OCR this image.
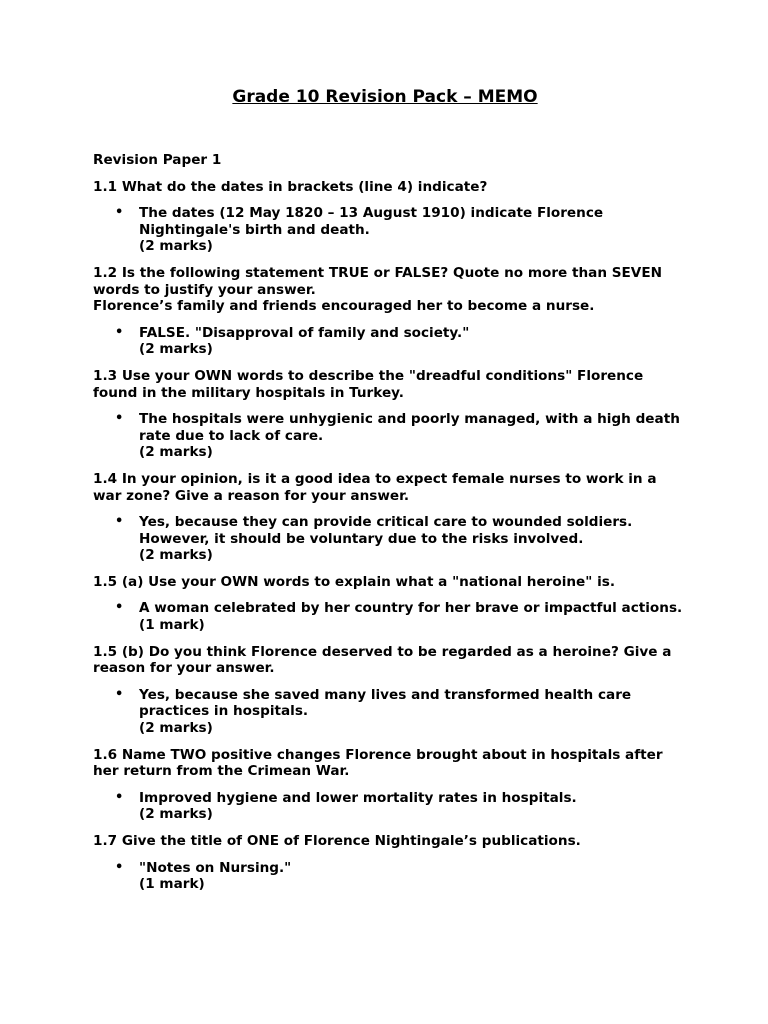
Grade 10 Revision Pack – MEMO
Revision Paper 1
1.1 What do the dates in brackets (line 4) indicate?
• The dates (12 May 1820 – 13 August 1910) indicate Florence Nightingale's birth and death.
(2 marks)
1.2 Is the following statement TRUE or FALSE? Quote no more than SEVEN words to justify your answer.
Florence’s family and friends encouraged her to become a nurse.
• FALSE. "Disapproval of family and society."
(2 marks)
1.3 Use your OWN words to describe the "dreadful conditions" Florence found in the military hospitals in Turkey.
• The hospitals were unhygienic and poorly managed, with a high death rate due to lack of care.
(2 marks)
1.4 In your opinion, is it a good idea to expect female nurses to work in a war zone? Give a reason for your answer.
• Yes, because they can provide critical care to wounded soldiers. However, it should be voluntary due to the risks involved.
(2 marks)
1.5 (a) Use your OWN words to explain what a "national heroine" is.
• A woman celebrated by her country for her brave or impactful actions.
(1 mark)
1.5 (b) Do you think Florence deserved to be regarded as a heroine? Give a reason for your answer.
• Yes, because she saved many lives and transformed health care practices in hospitals.
(2 marks)
1.6 Name TWO positive changes Florence brought about in hospitals after her return from the Crimean War.
• Improved hygiene and lower mortality rates in hospitals.
(2 marks)
1.7 Give the title of ONE of Florence Nightingale’s publications.
• "Notes on Nursing."
(1 mark)
